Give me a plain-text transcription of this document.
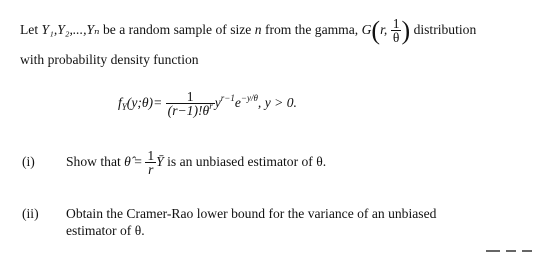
Let Y₁,Y₂,...,Yₙ be a random sample of size n from the gamma, G(r, $\frac{1}{\theta}$ ) distribution
with probability density function
$f_Y(y;\theta)= \frac{1}{(r-1)!\theta^r} y^{r-1}e^{-y/\theta}$, y > 0.
(i) Show that θ̂ = $\frac{1}{r}$ Ȳ is an unbiased estimator of θ.
(ii) Obtain the Cramer-Rao lower bound for the variance of an unbiased
estimator of θ.
